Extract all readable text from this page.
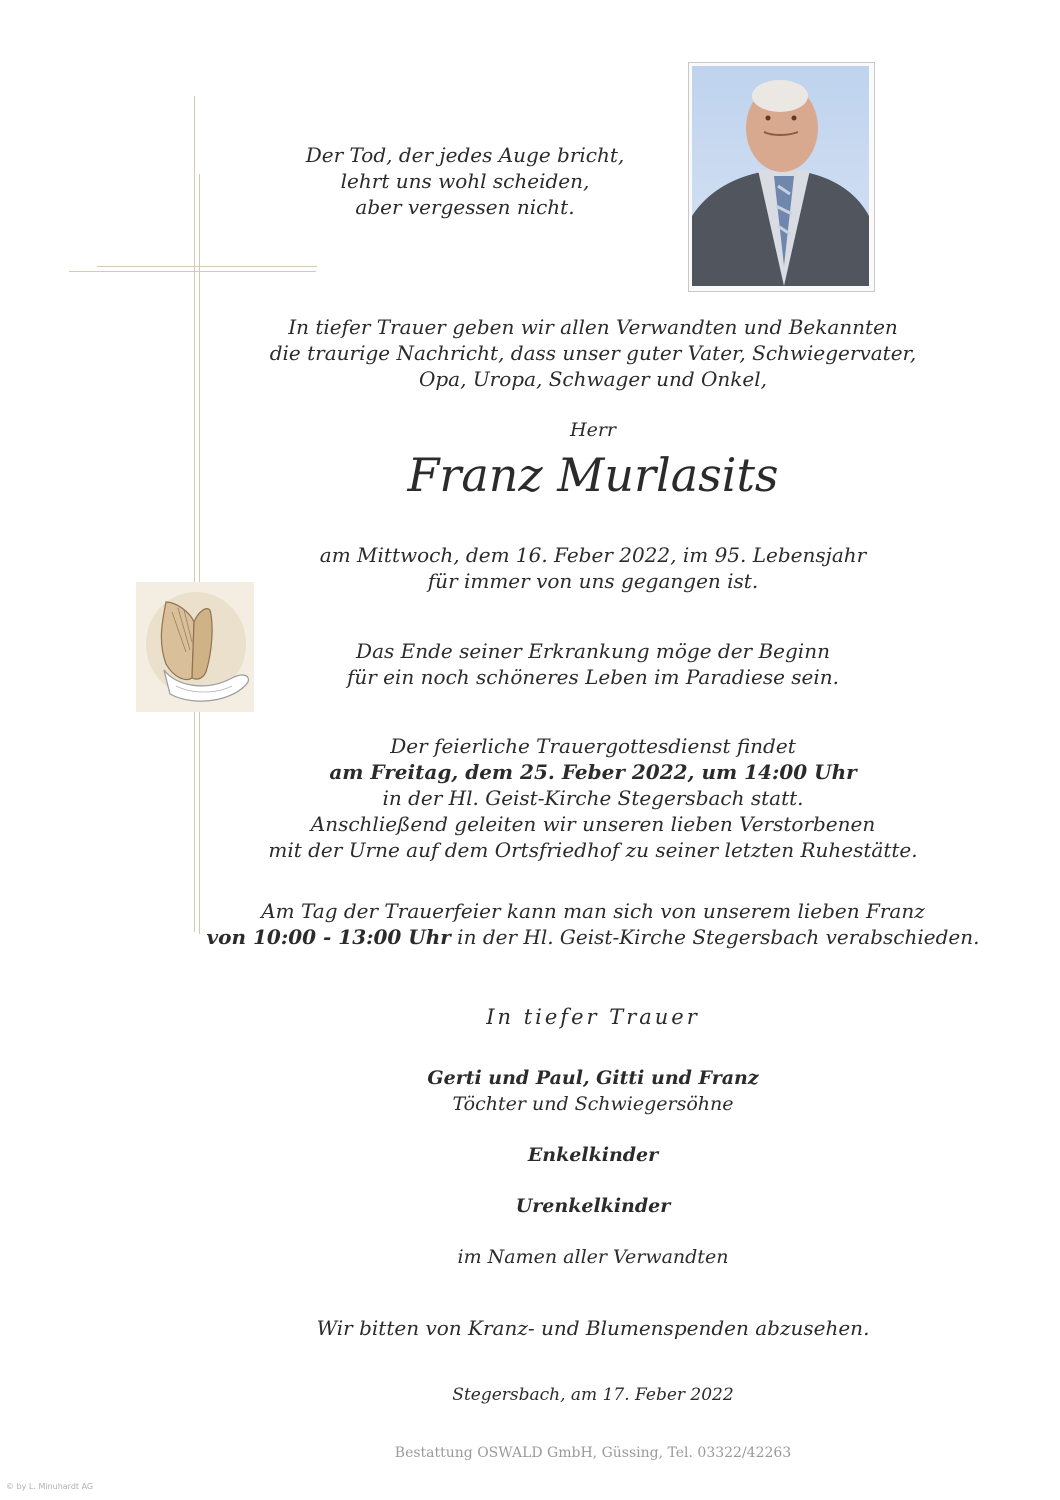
Der Tod, der jedes Auge bricht,
lehrt uns wohl scheiden,
aber vergessen nicht.
In tiefer Trauer geben wir allen Verwandten und Bekannten
die traurige Nachricht, dass unser guter Vater, Schwiegervater,
Opa, Uropa, Schwager und Onkel,
Herr
Franz Murlasits
am Mittwoch, dem 16. Feber 2022, im 95. Lebensjahr
für immer von uns gegangen ist.
Das Ende seiner Erkrankung möge der Beginn
für ein noch schöneres Leben im Paradiese sein.
Der feierliche Trauergottesdienst findet
am Freitag, dem 25. Feber 2022, um 14:00 Uhr
in der Hl. Geist-Kirche Stegersbach statt.
Anschließend geleiten wir unseren lieben Verstorbenen
mit der Urne auf dem Ortsfriedhof zu seiner letzten Ruhestätte.
Am Tag der Trauerfeier kann man sich von unserem lieben Franz
von 10:00 - 13:00 Uhr in der Hl. Geist-Kirche Stegersbach verabschieden.
In tiefer Trauer
Gerti und Paul, Gitti und Franz
Töchter und Schwiegersöhne
Enkelkinder
Urenkelkinder
im Namen aller Verwandten
Wir bitten von Kranz- und Blumenspenden abzusehen.
Stegersbach, am 17. Feber 2022
Bestattung OSWALD GmbH, Güssing, Tel. 03322/42263
© by L. Minuhardt AG
